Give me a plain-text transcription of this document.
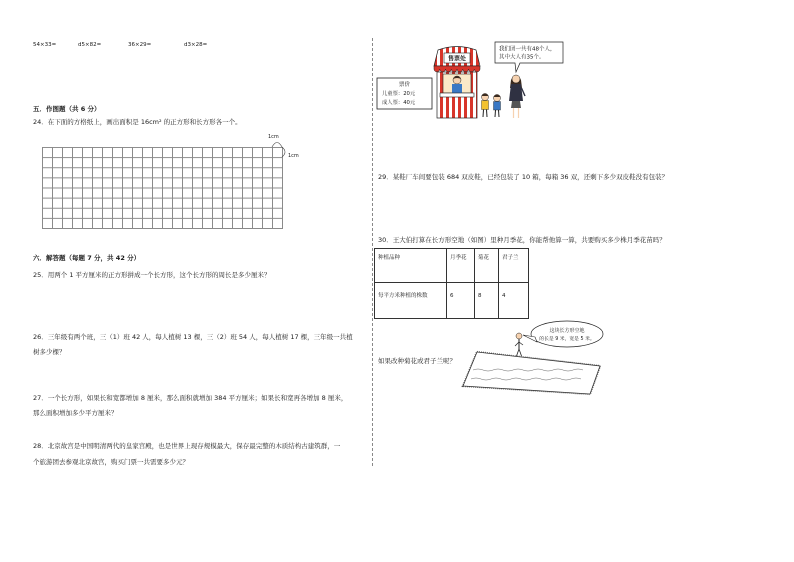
54×33=	d5×82=	36×29=	d3×28=
五．作图题（共 6 分）
24．在下面的方格纸上，画出面积是 16cm² 的正方形和长方形各一个。
1cm
1cm
六．解答题（每题 7 分，共 42 分）
25．用两个 1 平方厘米的正方形拼成一个长方形，这个长方形的周长是多少厘米？
26．三年级有两个班，三（1）班 42 人，每人植树 13 棵，三（2）班 54 人，每人植树 17 棵，三年级一共植
树多少棵？
27．一个长方形，如果长和宽都增加 8 厘米，那么面积就增加 384 平方厘米；如果长和宽再各增加 8 厘米，
那么面积增加多少平方厘米？
28．北京故宫是中国明清两代的皇家宫殿，也是世界上现存规模最大，保存最完整的木质结构古建筑群，一
个旅游团去参观北京故宫，购买门票一共需要多少元？
票价
儿童票：20元
成人票：40元
售票处
我们团一共有48个人，
其中大人有35个。
29．某鞋厂车间要包装 684 双皮鞋，已经包装了 10 箱，每箱 36 双，还剩下多少双皮鞋没有包装？
30．王大伯打算在长方形空地（如图）里种月季花，你能帮他算一算，共要购买多少株月季花苗吗？
种植品种	月季花	菊花	君子兰
每平方米种植的株数	6	8	4
如果改种菊花或君子兰呢？
这块长方形空地
的长是 9 米，宽是 5 米。
